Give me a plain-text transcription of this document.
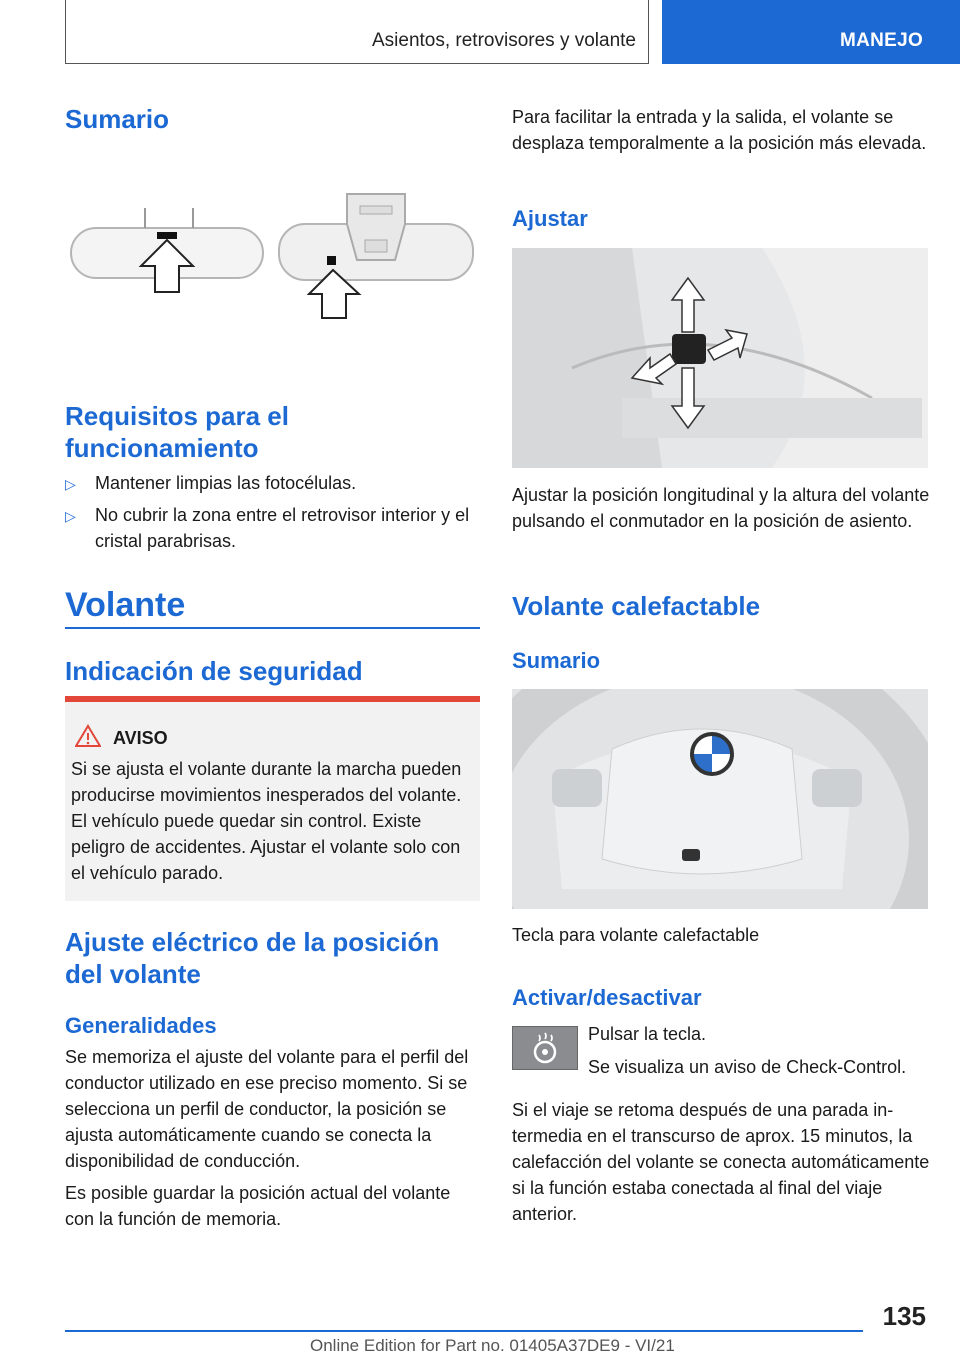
Asientos, retrovisores y volante	MANEJO
Sumario
Requisitos para el funcionamiento
▷ Mantener limpias las fotocélulas.
▷ No cubrir la zona entre el retrovisor interior y el cristal parabrisas.
Volante
Indicación de seguridad
AVISO

Si se ajusta el volante durante la marcha pueden producirse movimientos inesperados del volante. El vehículo puede quedar sin control. Existe peligro de accidentes. Ajustar el volante solo con el vehículo parado.

Ajuste eléctrico de la posición del volante
Generalidades

Se memoriza el ajuste del volante para el perfil del conductor utilizado en ese preciso momento. Si se selecciona un perfil de conductor, la posición se ajusta automáticamente cuando se conecta la disponibilidad de conducción.

Es posible guardar la posición actual del volante con la función de memoria.

Para facilitar la entrada y la salida, el volante se desplaza temporalmente a la posición más elevada.

Ajustar

Ajustar la posición longitudinal y la altura del volante pulsando el conmutador en la posición de asiento.

Volante calefactable
Sumario

Tecla para volante calefactable

Activar/desactivar

Pulsar la tecla.

Se visualiza un aviso de Check-Control.

Si el viaje se retoma después de una parada intermedia en el transcurso de aprox. 15 minutos, la calefacción del volante se conecta automáticamente si la función estaba conectada al final del viaje anterior.

135
Online Edition for Part no. 01405A37DE9 - VI/21
